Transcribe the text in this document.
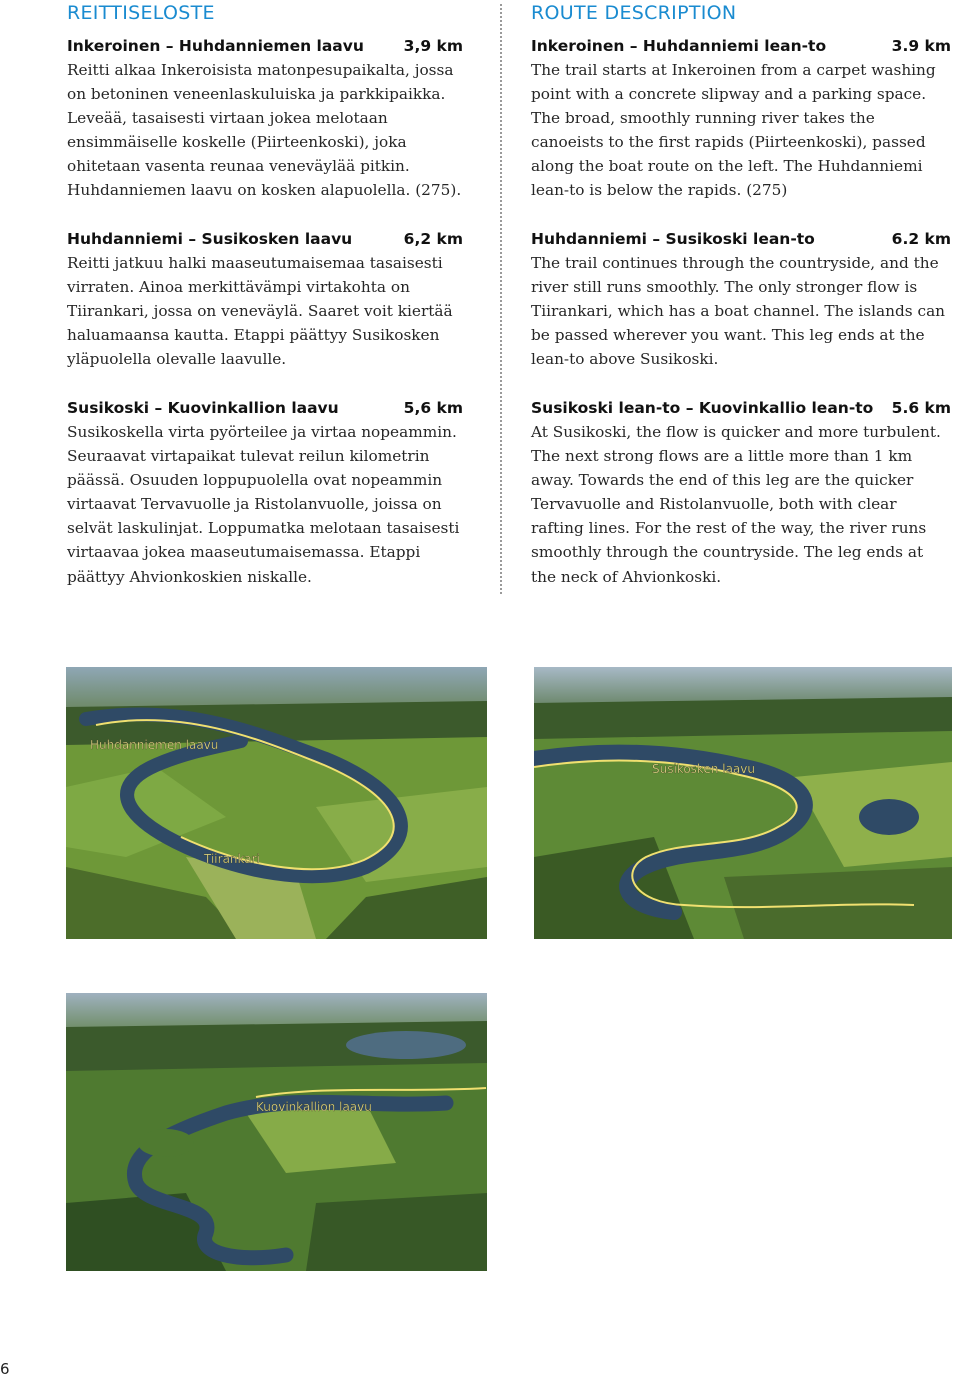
REITTISELOSTE
Inkeroinen – Huhdanniemen laavu	3,9 km

Reitti alkaa Inkeroisista matonpesupaikalta, jossa on betoninen veneenlaskuluiska ja parkkipaikka. Leveää, tasaisesti virtaan jokea melotaan ensimmäiselle koskelle (Piirteenkoski), joka ohitetaan vasenta reunaa veneväylää pitkin. Huhdanniemen laavu on kosken alapuolella. (275).

Huhdanniemi – Susikosken laavu	6,2 km

Reitti jatkuu halki maaseutumaisemaa tasaisesti virraten. Ainoa merkittävämpi virtakohta on Tiirankari, jossa on veneväylä. Saaret voit kiertää haluamaansa kautta. Etappi päättyy Susikosken yläpuolella olevalle laavulle.

Susikoski – Kuovinkallion laavu	5,6 km

Susikoskella virta pyörteilee ja virtaa nopeammin. Seuraavat virtapaikat tulevat reilun kilometrin päässä. Osuuden loppupuolella ovat nopeammin virtaavat Tervavuolle ja Ristolanvuolle, joissa on selvät laskulinjat. Loppumatka melotaan tasaisesti virtaavaa jokea maaseutumaisemassa. Etappi päättyy Ahvionkoskien niskalle.

ROUTE DESCRIPTION
Inkeroinen – Huhdanniemi lean-to	3.9 km

The trail starts at Inkeroinen from a carpet washing point with a concrete slipway and a parking space. The broad, smoothly running river takes the canoeists to the first rapids (Piirteenkoski), passed along the boat route on the left. The Huhdanniemi lean-to is below the rapids. (275)

Huhdanniemi – Susikoski lean-to	6.2 km

The trail continues through the countryside, and the river still runs smoothly. The only stronger flow is Tiirankari, which has a boat channel. The islands can be passed wherever you want. This leg ends at the lean-to above Susikoski.

Susikoski lean-to – Kuovinkallio lean-to 5.6 km

At Susikoski, the flow is quicker and more turbulent. The next strong flows are a little more than 1 km away. Towards the end of this leg are the quicker Tervavuolle and Ristolanvuolle, both with clear rafting lines. For the rest of the way, the river runs smoothly through the countryside. The leg ends at the neck of Ahvionkoski.

Huhdanniemen laavu
Tiirankari
Susikosken laavu
Kuovinkallion laavu
6
